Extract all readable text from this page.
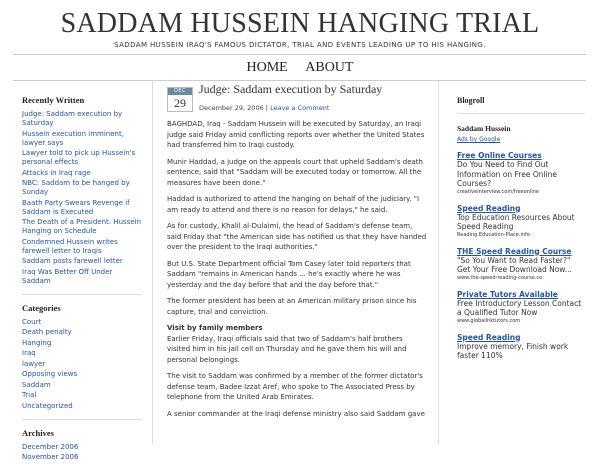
SADDAM HUSSEIN HANGING TRIAL
SADDAM HUSSEIN IRAQ'S FAMOUS DICTATOR, TRIAL AND EVENTS LEADING UP TO HIS HANGING.
HOME ABOUT
Recently Written
Judge: Saddam execution by Saturday
Hussein execution imminent, lawyer says
Lawyer told to pick up Hussein's personal effects
Attacks in Iraq rage
NBC: Saddam to be hanged by Sunday
Baath Party Swears Revenge if Saddam is Executed
The Death of a President: Hussein Hanging on Schedule
Condemned Hussein writes farewell letter to Iraqis
Saddam posts farewell letter
Iraq Was Better Off Under Saddam
Categories
Court
Death penalty
Hanging
Iraq
lawyer
Opposing views
Saddam
Trial
Uncategorized
Archives
December 2006
November 2006
DEC
29
Judge: Saddam execution by Saturday
December 29, 2006 | Leave a Comment

BAGHDAD, Iraq - Saddam Hussein will be executed by Saturday, an Iraqi judge said Friday amid conflicting reports over whether the United States had transferred him to Iraqi custody.

Munir Haddad, a judge on the appeals court that upheld Saddam's death sentence, said that "Saddam will be executed today or tomorrow. All the measures have been done."

Haddad is authorized to attend the hanging on behalf of the judiciary. "I am ready to attend and there is no reason for delays," he said.

As for custody, Khalil al-Dulaimi, the head of Saddam's defense team, said Friday that "the American side has notified us that they have handed over the president to the Iraqi authorities."

But U.S. State Department official Tom Casey later told reporters that Saddam "remains in American hands ... he's exactly where he was yesterday and the day before that and the day before that."

The former president has been at an American military prison since his capture, trial and conviction.

Visit by family members

Earlier Friday, Iraqi officials said that two of Saddam's half brothers visited him in his jail cell on Thursday and he gave them his will and personal belongings.

The visit to Saddam was confirmed by a member of the former dictator's defense team, Badee Izzat Aref, who spoke to The Associated Press by telephone from the United Arab Emirates.

A senior commander at the Iraqi defense ministry also said Saddam gave

Blogroll
Saddam Hussein
Ads by Google
Free Online Courses
Do You Need to Find Out Information on Free Online Courses?
creativeinterview.com/freeonline
Speed Reading
Top Education Resources About Speed Reading
Reading.Education-Place.info
THE Speed Reading Course
"So You Want to Read Faster?" Get Your Free Download Now...
www.the-speed-reading-course.co
Private Tutors Available
Free Introductory Lesson Contact a Qualified Tutor Now
www.globalinktutors.com
Speed Reading
Improve memory, Finish work faster 110%
